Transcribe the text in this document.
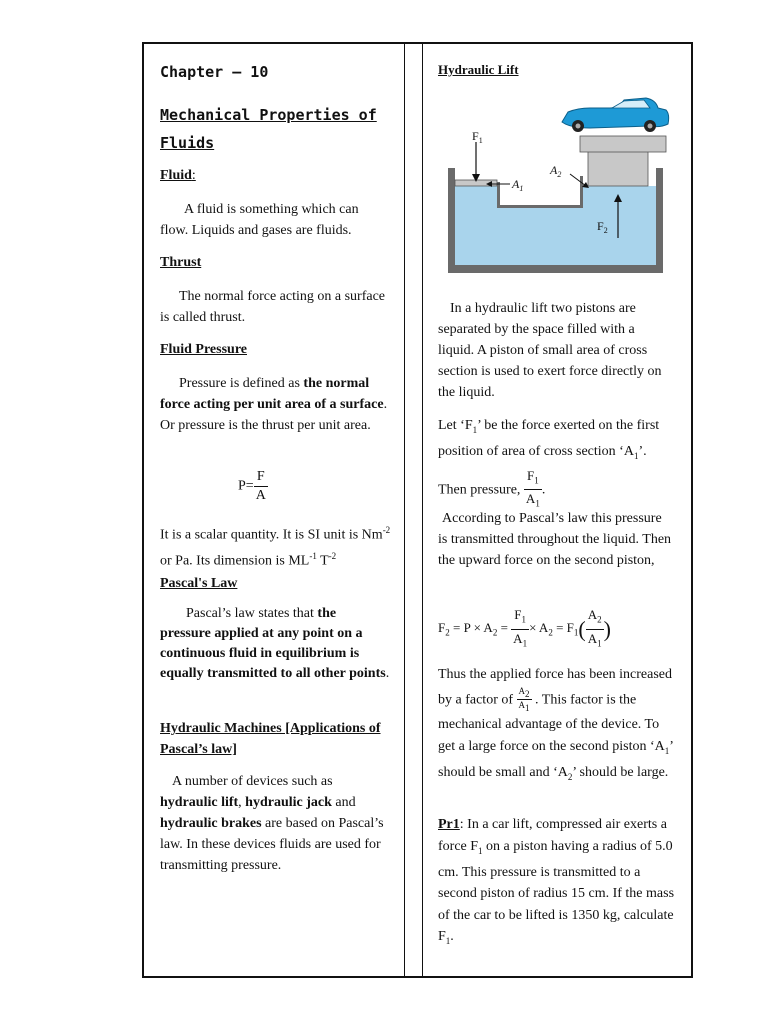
Chapter – 10
Mechanical Properties of Fluids
Fluid:
A fluid is something which can flow. Liquids and gases are fluids.
Thrust
The normal force acting on a surface is called thrust.
Fluid Pressure
Pressure is defined as the normal force acting per unit area of a surface. Or pressure is the thrust per unit area.
$P= \frac{F}{A}$
It is a scalar quantity. It is SI unit is $Nm^{-2}$ or Pa. Its dimension is $ML^{-1}$ $T^{-2}$
Pascal's Law
Pascal’s law states that the pressure applied at any point on a continuous fluid in equilibrium is equally transmitted to all other points.
Hydraulic Machines [Applications of Pascal’s law]
A number of devices such as hydraulic lift, hydraulic jack and hydraulic brakes are based on Pascal’s law. In these devices fluids are used for transmitting pressure.
Hydraulic Lift
$F_1$
$A_1$
$A_2$
$F_2$
In a hydraulic lift two pistons are separated by the space filled with a liquid. A piston of small area of cross section is used to exert force directly on the liquid.
Let ‘$F_1$’ be the force exerted on the first position of area of cross section ‘$A_1$’. Then pressure, $\frac{F_1}{A_1}$ .
According to Pascal’s law this pressure is transmitted throughout the liquid. Then the upward force on the second piston,
$F_2 = P \times A_2 = \frac{F_1}{A_1} \times A_2 = F_1( \frac{A_2}{A_1}$ )
Thus the applied force has been increased by a factor of $\frac{A_2}{A_1}$ . This factor is the mechanical advantage of the device. To get a large force on the second piston ‘$A_1$’ should be small and ‘$A_2$’ should be large.
Pr1: In a car lift, compressed air exerts a force $F_1$ on a piston having a radius of 5.0 cm. This pressure is transmitted to a second piston of radius 15 cm. If the mass of the car to be lifted is 1350 kg, calculate $F_1$.
